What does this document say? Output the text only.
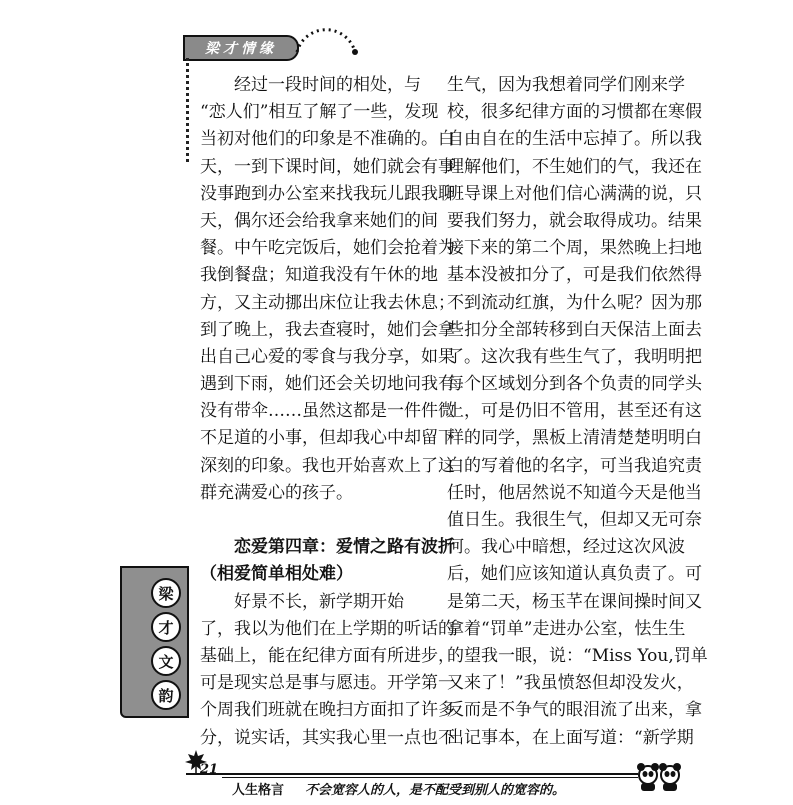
梁才情缘
　　经过一段时间的相处，与
“恋人们”相互了解了一些，发现
当初对他们的印象是不准确的。白
天，一到下课时间，她们就会有事
没事跑到办公室来找我玩儿跟我聊
天，偶尔还会给我拿来她们的间
餐。中午吃完饭后，她们会抢着为
我倒餐盘；知道我没有午休的地
方，又主动挪出床位让我去休息；
到了晚上，我去查寝时，她们会拿
出自己心爱的零食与我分享，如果
遇到下雨，她们还会关切地问我有
没有带伞……虽然这都是一件件微
不足道的小事，但却我心中却留下
深刻的印象。我也开始喜欢上了这
群充满爱心的孩子。
　　恋爱第四章：爱情之路有波折
（相爱简单相处难）
　　好景不长，新学期开始
了，我以为他们在上学期的听话的
基础上，能在纪律方面有所进步，
可是现实总是事与愿违。开学第一
个周我们班就在晚扫方面扣了许多
分，说实话，其实我心里一点也不
生气，因为我想着同学们刚来学
校，很多纪律方面的习惯都在寒假
自由自在的生活中忘掉了。所以我
理解他们，不生她们的气，我还在
班导课上对他们信心满满的说，只
要我们努力，就会取得成功。结果
接下来的第二个周，果然晚上扫地
基本没被扣分了，可是我们依然得
不到流动红旗，为什么呢？因为那
些扣分全部转移到白天保洁上面去
了。这次我有些生气了，我明明把
每个区域划分到各个负责的同学头
上，可是仍旧不管用，甚至还有这
样的同学，黑板上清清楚楚明明白
白的写着他的名字，可当我追究责
任时，他居然说不知道今天是他当
值日生。我很生气，但却又无可奈
何。我心中暗想，经过这次风波
后，她们应该知道认真负责了。可
是第二天，杨玉芊在课间操时间又
拿着“罚单”走进办公室，怯生生
的望我一眼，说：“Miss You,罚单
又来了！”我虽愤怒但却没发火，
反而是不争气的眼泪流了出来，拿
出记事本，在上面写道：“新学期
梁
才
文
韵
21
人生格言 不会宽容人的人，是不配受到别人的宽容的。
